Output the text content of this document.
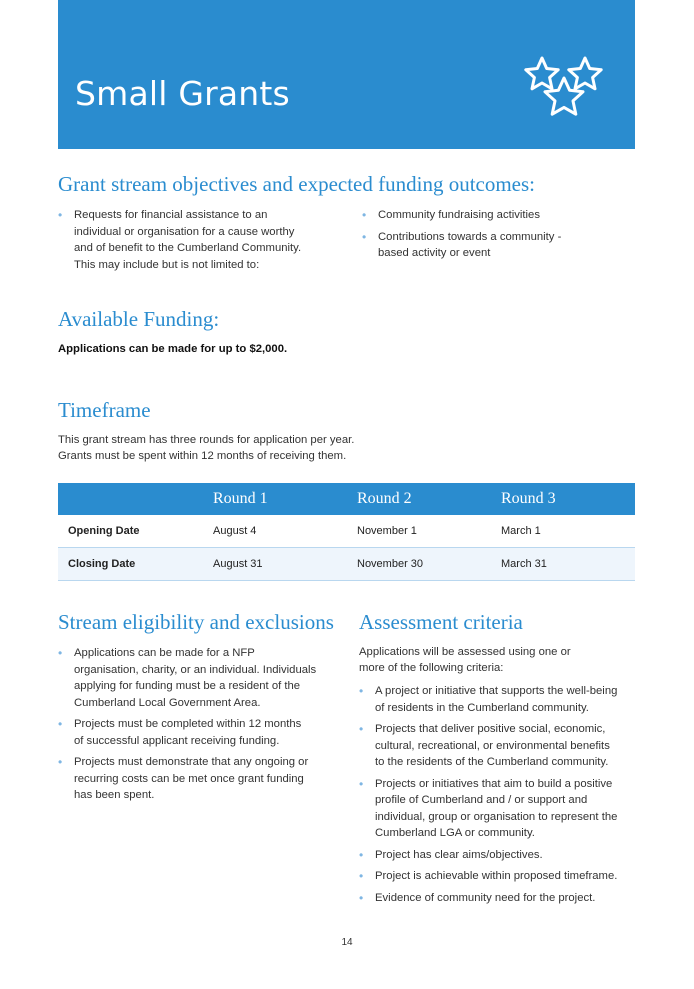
Small Grants
Grant stream objectives and expected funding outcomes:
• Requests for financial assistance to an
individual or organisation for a cause worthy
and of benefit to the Cumberland Community.
This may include but is not limited to:
• Community fundraising activities
• Contributions towards a community -
based activity or event
Available Funding:

Applications can be made for up to $2,000.

Timeframe

This grant stream has three rounds for application per year.
Grants must be spent within 12 months of receiving them.

	Round 1	Round 2	Round 3
Opening Date	August 4	November 1	March 1
Closing Date	August 31	November 30	March 31
Stream eligibility and exclusions
• Applications can be made for a NFP
organisation, charity, or an individual. Individuals
applying for funding must be a resident of the
Cumberland Local Government Area.
• Projects must be completed within 12 months
of successful applicant receiving funding.
• Projects must demonstrate that any ongoing or
recurring costs can be met once grant funding
has been spent.
Assessment criteria

Applications will be assessed using one or
more of the following criteria:

• A project or initiative that supports the well-being
of residents in the Cumberland community.
• Projects that deliver positive social, economic,
cultural, recreational, or environmental benefits
to the residents of the Cumberland community.
• Projects or initiatives that aim to build a positive
profile of Cumberland and / or support and
individual, group or organisation to represent the
Cumberland LGA or community.
• Project has clear aims/objectives.
• Project is achievable within proposed timeframe.
• Evidence of community need for the project.

14
